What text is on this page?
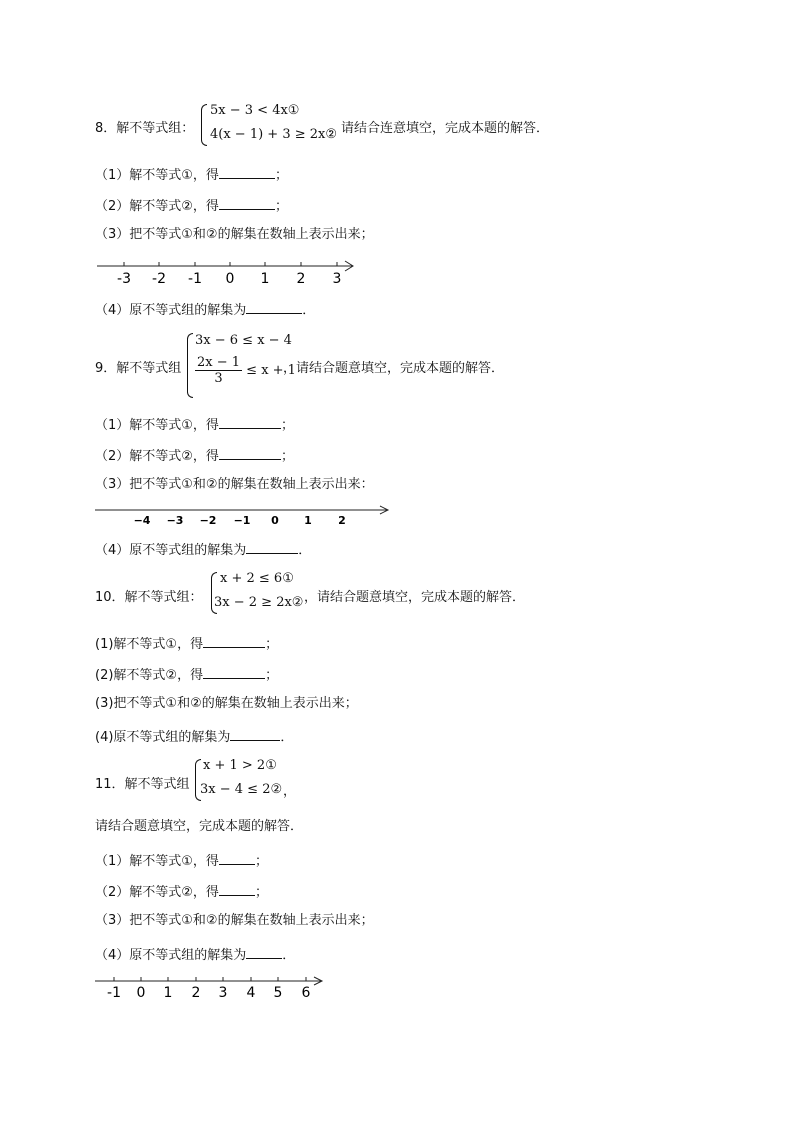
8．解不等式组：
5x − 3 < 4x①
4(x − 1) + 3 ≥ 2x②
．请结合连意填空，完成本题的解答．
（1）解不等式①，得	；
（2）解不等式②，得	；
（3）把不等式①和②的解集在数轴上表示出来；
-3 -2 -1 0 1 2 3
（4）原不等式组的解集为	．
9．解不等式组
3x − 6 ≤ x − 4
$\frac{2x - 1}{3} \le x + 1$
，请结合题意填空，完成本题的解答．
（1）解不等式①，得	；
（2）解不等式②，得	；
（3）把不等式①和②的解集在数轴上表示出来：
−4 −3 −2 −1 0 1 2
（4）原不等式组的解集为	．
10．解不等式组：
x + 2 ≤ 6①
3x − 2 ≥ 2x② ，请结合题意填空，完成本题的解答．
(1)解不等式①，得	；
(2)解不等式②，得	；
(3)把不等式①和②的解集在数轴上表示出来；
(4)原不等式组的解集为	．
11．解不等式组
x + 1 > 2①
3x − 4 ≤ 2② ，
请结合题意填空，完成本题的解答．
（1）解不等式①，得	；
（2）解不等式②，得	；
（3）把不等式①和②的解集在数轴上表示出来；
（4）原不等式组的解集为	．
-1 0 1 2 3 4 5 6
